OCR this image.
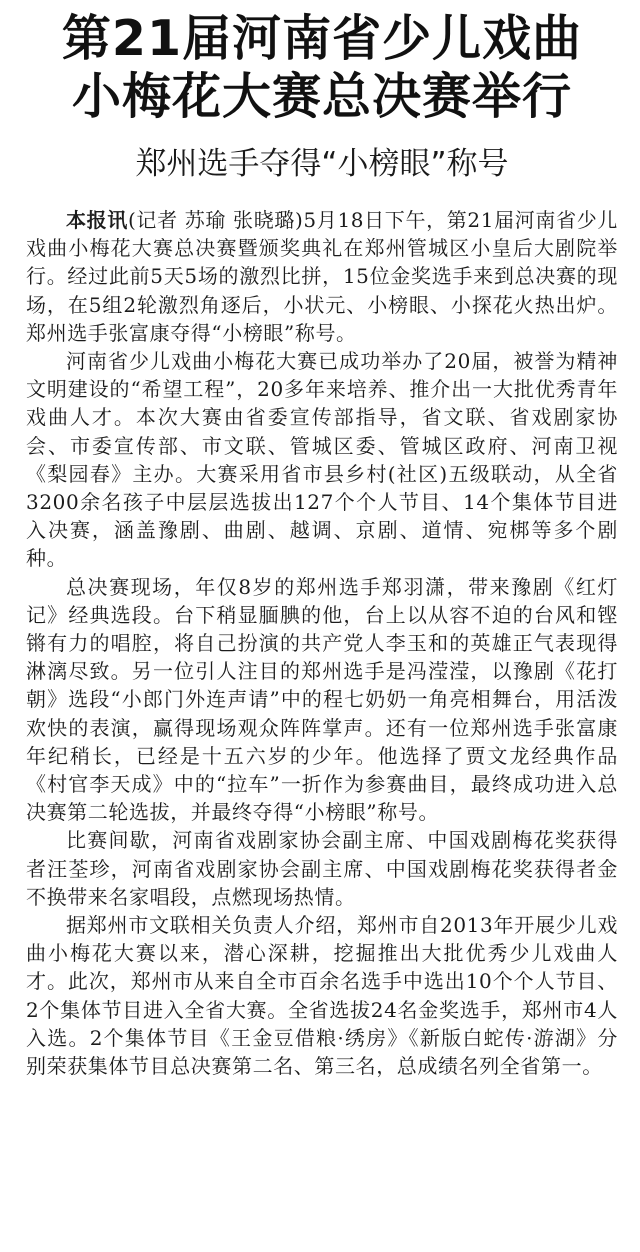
第21届河南省少儿戏曲
小梅花大赛总决赛举行
郑州选手夺得“小榜眼”称号

本报讯(记者 苏瑜 张晓璐)5月18日下午，第21届河南省少儿戏曲小梅花大赛总决赛暨颁奖典礼在郑州管城区小皇后大剧院举行。经过此前5天5场的激烈比拼，15位金奖选手来到总决赛的现场，在5组2轮激烈角逐后，小状元、小榜眼、小探花火热出炉。郑州选手张富康夺得“小榜眼”称号。

河南省少儿戏曲小梅花大赛已成功举办了20届，被誉为精神文明建设的“希望工程”，20多年来培养、推介出一大批优秀青年戏曲人才。本次大赛由省委宣传部指导，省文联、省戏剧家协会、市委宣传部、市文联、管城区委、管城区政府、河南卫视《梨园春》主办。大赛采用省市县乡村(社区)五级联动，从全省3200余名孩子中层层选拔出127个个人节目、14个集体节目进入决赛，涵盖豫剧、曲剧、越调、京剧、道情、宛梆等多个剧种。

总决赛现场，年仅8岁的郑州选手郑羽潇，带来豫剧《红灯记》经典选段。台下稍显腼腆的他，台上以从容不迫的台风和铿锵有力的唱腔，将自己扮演的共产党人李玉和的英雄正气表现得淋漓尽致。另一位引人注目的郑州选手是冯滢滢，以豫剧《花打朝》选段“小郎门外连声请”中的程七奶奶一角亮相舞台，用活泼欢快的表演，赢得现场观众阵阵掌声。还有一位郑州选手张富康年纪稍长，已经是十五六岁的少年。他选择了贾文龙经典作品《村官李天成》中的“拉车”一折作为参赛曲目，最终成功进入总决赛第二轮选拔，并最终夺得“小榜眼”称号。

比赛间歇，河南省戏剧家协会副主席、中国戏剧梅花奖获得者汪荃珍，河南省戏剧家协会副主席、中国戏剧梅花奖获得者金不换带来名家唱段，点燃现场热情。

据郑州市文联相关负责人介绍，郑州市自2013年开展少儿戏曲小梅花大赛以来，潜心深耕，挖掘推出大批优秀少儿戏曲人才。此次，郑州市从来自全市百余名选手中选出10个个人节目、2个集体节目进入全省大赛。全省选拔24名金奖选手，郑州市4人入选。2个集体节目《王金豆借粮·绣房》《新版白蛇传·游湖》分别荣获集体节目总决赛第二名、第三名，总成绩名列全省第一。
